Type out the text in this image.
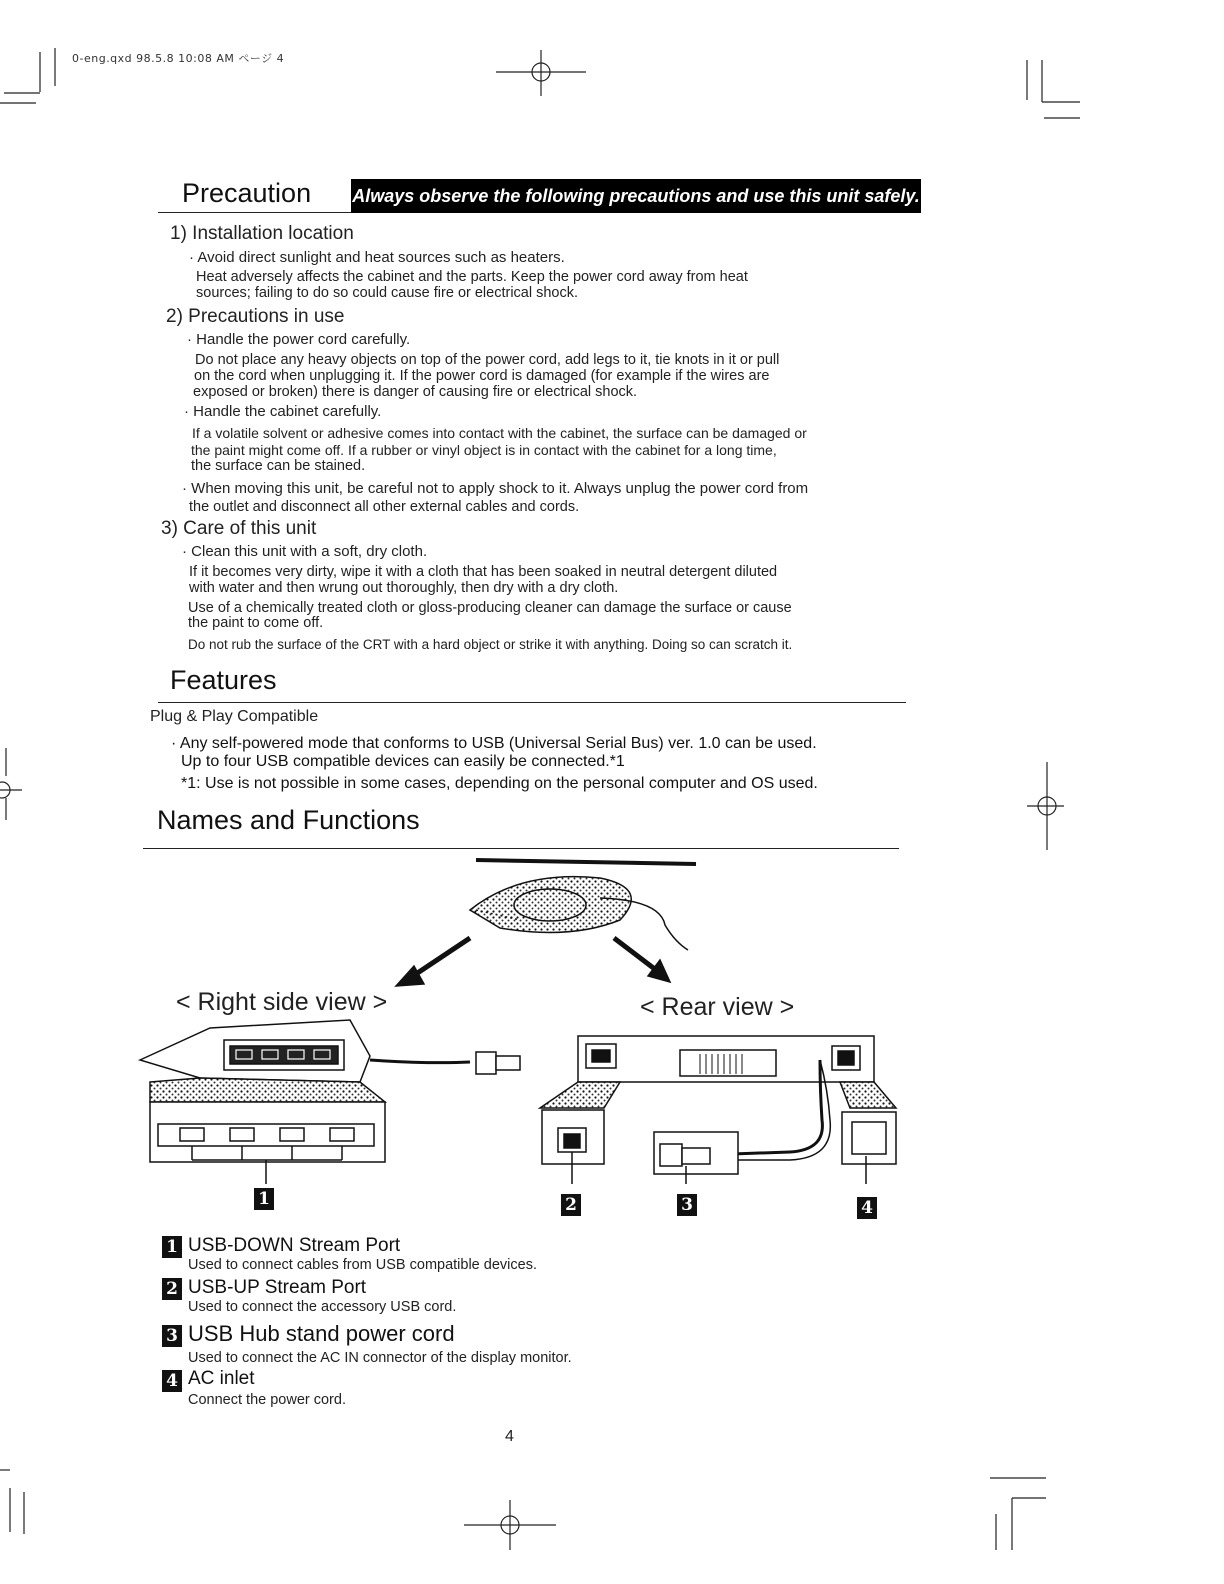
0-eng.qxd 98.5.8 10:08 AM ページ 4
Precaution Always observe the following precautions and use this unit safely.
1) Installation location
· Avoid direct sunlight and heat sources such as heaters.
Heat adversely affects the cabinet and the parts. Keep the power cord away from heat
sources; failing to do so could cause fire or electrical shock.
2) Precautions in use
· Handle the power cord carefully.
Do not place any heavy objects on top of the power cord, add legs to it, tie knots in it or pull
on the cord when unplugging it. If the power cord is damaged (for example if the wires are
exposed or broken) there is danger of causing fire or electrical shock.
· Handle the cabinet carefully.
If a volatile solvent or adhesive comes into contact with the cabinet, the surface can be damaged or
the paint might come off. If a rubber or vinyl object is in contact with the cabinet for a long time,
the surface can be stained.
· When moving this unit, be careful not to apply shock to it. Always unplug the power cord from
the outlet and disconnect all other external cables and cords.
3) Care of this unit
· Clean this unit with a soft, dry cloth.
If it becomes very dirty, wipe it with a cloth that has been soaked in neutral detergent diluted
with water and then wrung out thoroughly, then dry with a dry cloth.
Use of a chemically treated cloth or gloss-producing cleaner can damage the surface or cause
the paint to come off.
Do not rub the surface of the CRT with a hard object or strike it with anything. Doing so can scratch it.
Features
Plug & Play Compatible
· Any self-powered mode that conforms to USB (Universal Serial Bus) ver. 1.0 can be used.
Up to four USB compatible devices can easily be connected.*1
*1: Use is not possible in some cases, depending on the personal computer and OS used.
Names and Functions
< Right side view >	< Rear view >
1	2	3	4
1 USB-DOWN Stream Port
Used to connect cables from USB compatible devices.
2 USB-UP Stream Port
Used to connect the accessory USB cord.
3 USB Hub stand power cord
Used to connect the AC IN connector of the display monitor.
4 AC inlet
Connect the power cord.
4
